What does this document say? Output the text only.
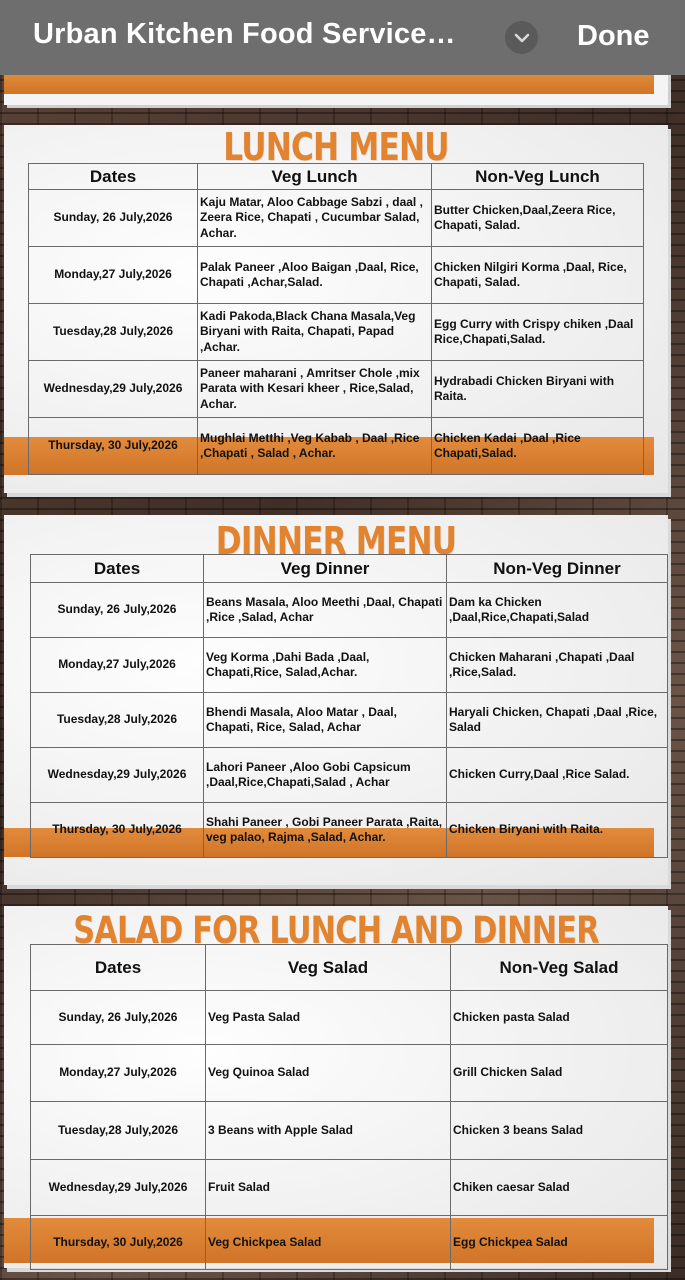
Urban Kitchen Food Service…	Done
LUNCH MENU
Dates	Veg Lunch	Non-Veg Lunch
Sunday, 26 July,2026	Kaju Matar, Aloo Cabbage Sabzi , daal , Zeera Rice, Chapati , Cucumbar Salad, Achar.	Butter Chicken,Daal,Zeera Rice, Chapati, Salad.
Monday,27 July,2026	Palak Paneer ,Aloo Baigan ,Daal, Rice, Chapati ,Achar,Salad.	Chicken Nilgiri Korma ,Daal, Rice, Chapati, Salad.
Tuesday,28 July,2026	Kadi Pakoda,Black Chana Masala,Veg Biryani with Raita, Chapati, Papad ,Achar.	Egg Curry with Crispy chiken ,Daal Rice,Chapati,Salad.
Wednesday,29 July,2026	Paneer maharani , Amritser Chole ,mix Parata with Kesari kheer , Rice,Salad, Achar.	Hydrabadi Chicken Biryani with Raita.
Thursday, 30 July,2026	Mughlai Metthi ,Veg Kabab , Daal ,Rice ,Chapati , Salad , Achar.	Chicken Kadai ,Daal ,Rice Chapati,Salad.
DINNER MENU
Dates	Veg Dinner	Non-Veg Dinner
Sunday, 26 July,2026	Beans Masala, Aloo Meethi ,Daal, Chapati ,Rice ,Salad, Achar	Dam ka Chicken ,Daal,Rice,Chapati,Salad
Monday,27 July,2026	Veg Korma ,Dahi Bada ,Daal, Chapati,Rice, Salad,Achar.	Chicken Maharani ,Chapati ,Daal ,Rice,Salad.
Tuesday,28 July,2026	Bhendi Masala, Aloo Matar , Daal, Chapati, Rice, Salad, Achar	Haryali Chicken, Chapati ,Daal ,Rice, Salad
Wednesday,29 July,2026	Lahori Paneer ,Aloo Gobi Capsicum ,Daal,Rice,Chapati,Salad , Achar	Chicken Curry,Daal ,Rice Salad.
Thursday, 30 July,2026	Shahi Paneer , Gobi Paneer Parata ,Raita, veg palao, Rajma ,Salad, Achar.	Chicken Biryani with Raita.
SALAD FOR LUNCH AND DINNER
Dates	Veg Salad	Non-Veg Salad
Sunday, 26 July,2026	Veg Pasta Salad	Chicken pasta Salad
Monday,27 July,2026	Veg Quinoa Salad	Grill Chicken Salad
Tuesday,28 July,2026	3 Beans with Apple Salad	Chicken 3 beans Salad
Wednesday,29 July,2026	Fruit Salad	Chiken caesar Salad
Thursday, 30 July,2026	Veg Chickpea Salad	Egg Chickpea Salad
